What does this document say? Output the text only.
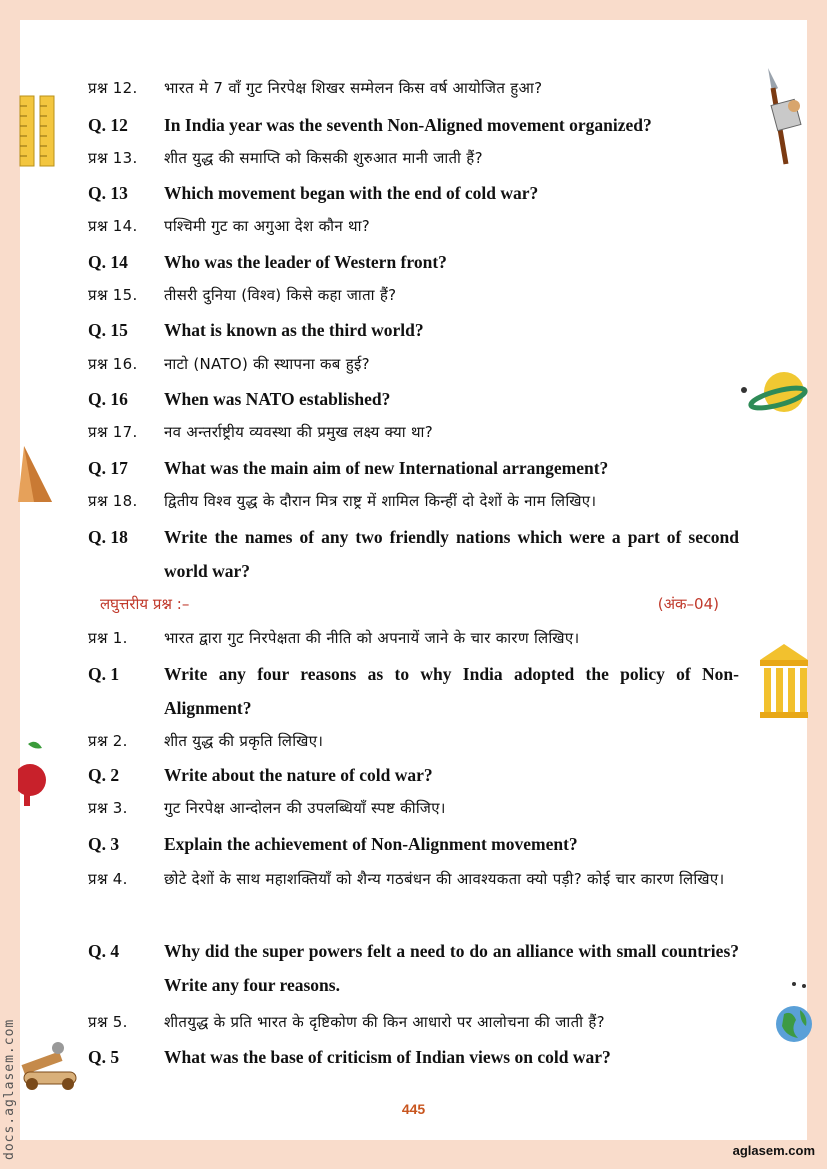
प्रश्न 12.	भारत मे 7 वाँ गुट निरपेक्ष शिखर सम्मेलन किस वर्ष आयोजित हुआ?
Q. 12	In India year was the seventh Non-Aligned movement organized?
प्रश्न 13.	शीत युद्ध की समाप्ति को किसकी शुरुआत मानी जाती हैं?
Q. 13	Which movement began with the end of cold war?
प्रश्न 14.	पश्चिमी गुट का अगुआ देश कौन था?
Q. 14	Who was the leader of Western front?
प्रश्न 15.	तीसरी दुनिया (विश्व) किसे कहा जाता हैं?
Q. 15	What is known as the third world?
प्रश्न 16.	नाटो (NATO) की स्थापना कब हुई?
Q. 16	When was NATO established?
प्रश्न 17.	नव अन्तर्राष्ट्रीय व्यवस्था की प्रमुख लक्ष्य क्या था?
Q. 17	What was the main aim of new International arrangement?
प्रश्न 18.	द्वितीय विश्व युद्ध के दौरान मित्र राष्ट्र में शामिल किन्हीं दो देशों के नाम लिखिए।
Q. 18	Write the names of any two friendly nations which were a part of second world war?
प्रश्न 1.	भारत द्वारा गुट निरपेक्षता की नीति को अपनायें जाने के चार कारण लिखिए।
Q. 1	Write any four reasons as to why India adopted the policy of Non-Alignment?
प्रश्न 2.	शीत युद्ध की प्रकृति लिखिए।
Q. 2	Write about the nature of cold war?
प्रश्न 3.	गुट निरपेक्ष आन्दोलन की उपलब्धियाँ स्पष्ट कीजिए।
Q. 3	Explain the achievement of Non-Alignment movement?
प्रश्न 4.	छोटे देशों के साथ महाशक्तियाँ को शैन्य गठबंधन की आवश्यकता क्यो पड़ी? कोई चार कारण लिखिए।
Q. 4	Why did the super powers felt a need to do an alliance with small countries? Write any four reasons.
प्रश्न 5.	शीतयुद्ध के प्रति भारत के दृष्टिकोण की किन आधारो पर आलोचना की जाती हैं?
Q. 5	What was the base of criticism of Indian views on cold war?
लघुत्तरीय प्रश्न :–	(अंक–04)
445
aglasem.com
docs.aglasem.com
